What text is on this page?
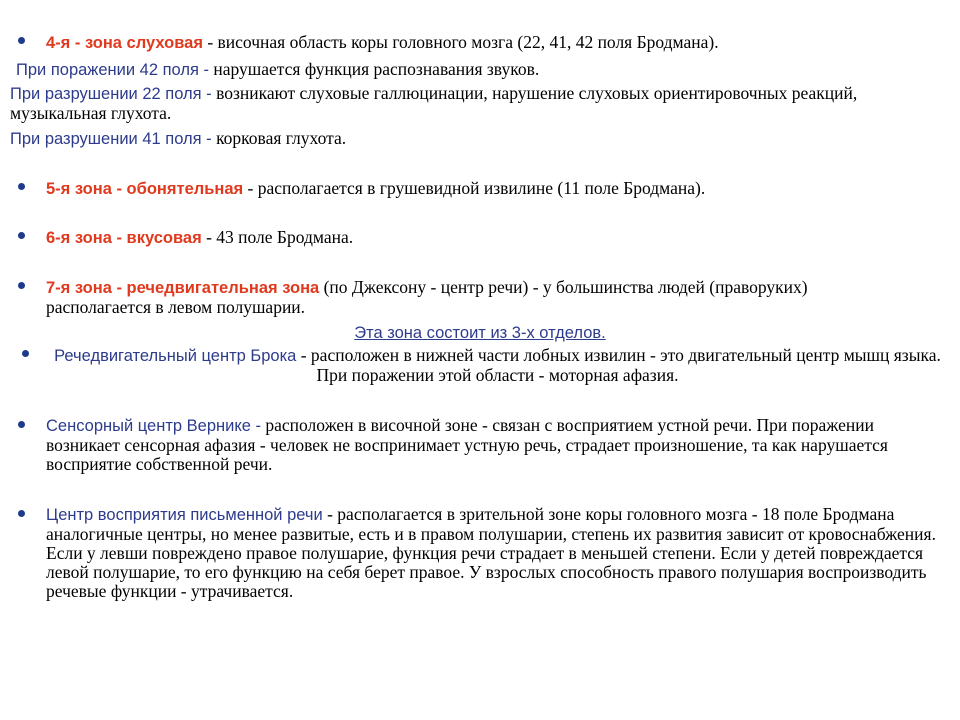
4-я - зона слуховая - височная область коры головного мозга (22, 41, 42 поля Бродмана).
При поражении 42 поля - нарушается функция распознавания звуков.
При разрушении 22 поля - возникают слуховые галлюцинации, нарушение слуховых ориентировочных реакций, музыкальная глухота.
При разрушении 41 поля - корковая глухота.
5-я зона - обонятельная - располагается в грушевидной извилине (11 поле Бродмана).
6-я зона - вкусовая - 43 поле Бродмана.
7-я зона - речедвигательная зона (по Джексону - центр речи) - у большинства людей (праворуких) располагается в левом полушарии.
Эта зона состоит из 3-х отделов.
Речедвигательный центр Брока - расположен в нижней части лобных извилин - это двигательный центр мышц языка. При поражении этой области - моторная афазия.
Сенсорный центр Вернике - расположен в височной зоне - связан с восприятием устной речи. При поражении возникает сенсорная афазия - человек не воспринимает устную речь, страдает произношение, та как нарушается восприятие собственной речи.
Центр восприятия письменной речи - располагается в зрительной зоне коры головного мозга - 18 поле Бродмана аналогичные центры, но менее развитые, есть и в правом полушарии, степень их развития зависит от кровоснабжения. Если у левши повреждено правое полушарие, функция речи страдает в меньшей степени. Если у детей повреждается левой полушарие, то его функцию на себя берет правое. У взрослых способность правого полушария воспроизводить речевые функции - утрачивается.
